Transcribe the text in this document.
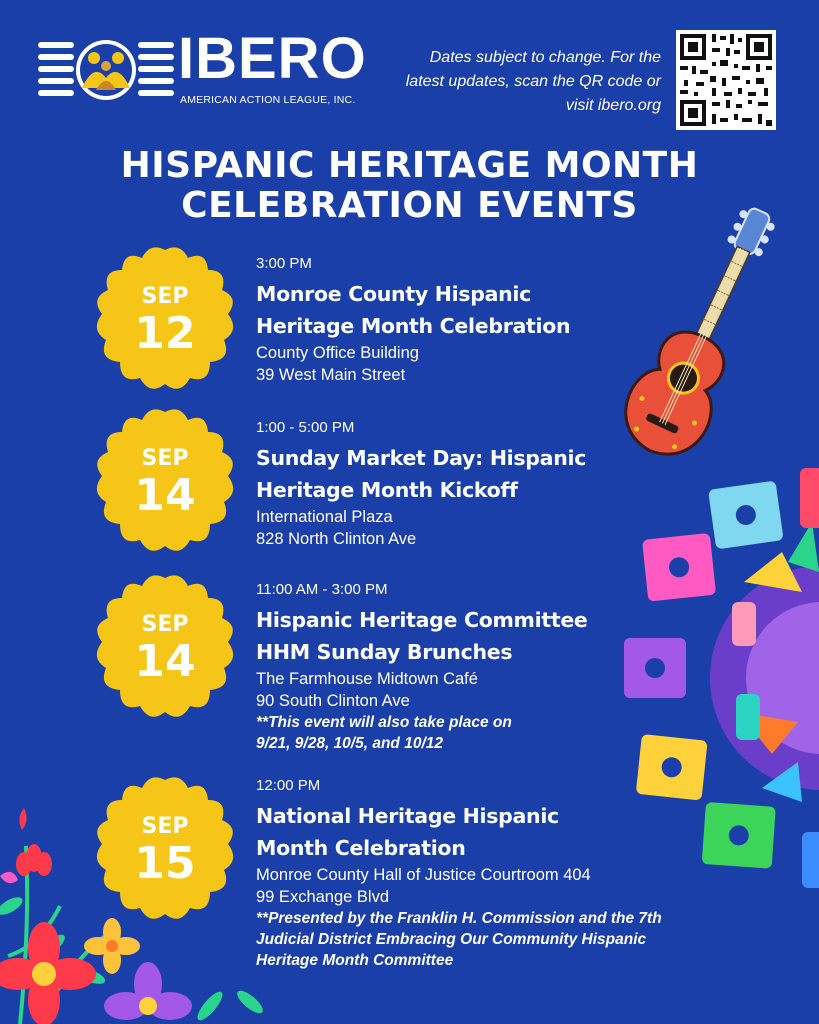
IBERO
AMERICAN ACTION LEAGUE, INC.
Dates subject to change. For the latest updates, scan the QR code or visit ibero.org
HISPANIC HERITAGE MONTH
CELEBRATION EVENTS
SEP
12
3:00 PM
Monroe County Hispanic
Heritage Month Celebration
County Office Building
39 West Main Street
SEP
14
1:00 - 5:00 PM
Sunday Market Day: Hispanic
Heritage Month Kickoff
International Plaza
828 North Clinton Ave
SEP
14
11:00 AM - 3:00 PM
Hispanic Heritage Committee
HHM Sunday Brunches
The Farmhouse Midtown Café
90 South Clinton Ave
**This event will also take place on
9/21, 9/28, 10/5, and 10/12
SEP
15
12:00 PM
National Heritage Hispanic
Month Celebration
Monroe County Hall of Justice Courtroom 404
99 Exchange Blvd
**Presented by the Franklin H. Commission and the 7th
Judicial District Embracing Our Community Hispanic
Heritage Month Committee
